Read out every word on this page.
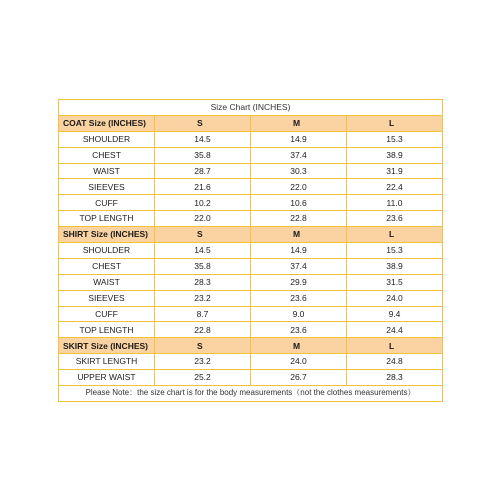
Size Chart (INCHES)			
COAT Size (INCHES)	S	M	L
SHOULDER	14.5	14.9	15.3
CHEST	35.8	37.4	38.9
WAIST	28.7	30.3	31.9
SIEEVES	21.6	22.0	22.4
CUFF	10.2	10.6	11.0
TOP LENGTH	22.0	22.8	23.6
SHIRT Size (INCHES)	S	M	L
SHOULDER	14.5	14.9	15.3
CHEST	35.8	37.4	38.9
WAIST	28.3	29.9	31.5
SIEEVES	23.2	23.6	24.0
CUFF	8.7	9.0	9.4
TOP LENGTH	22.8	23.6	24.4
SKIRT Size (INCHES)	S	M	L
SKIRT LENGTH	23.2	24.0	24.8
UPPER WAIST	25.2	26.7	28.3
Please Note：the size chart is for the body measurements（not the clothes measurements）			
